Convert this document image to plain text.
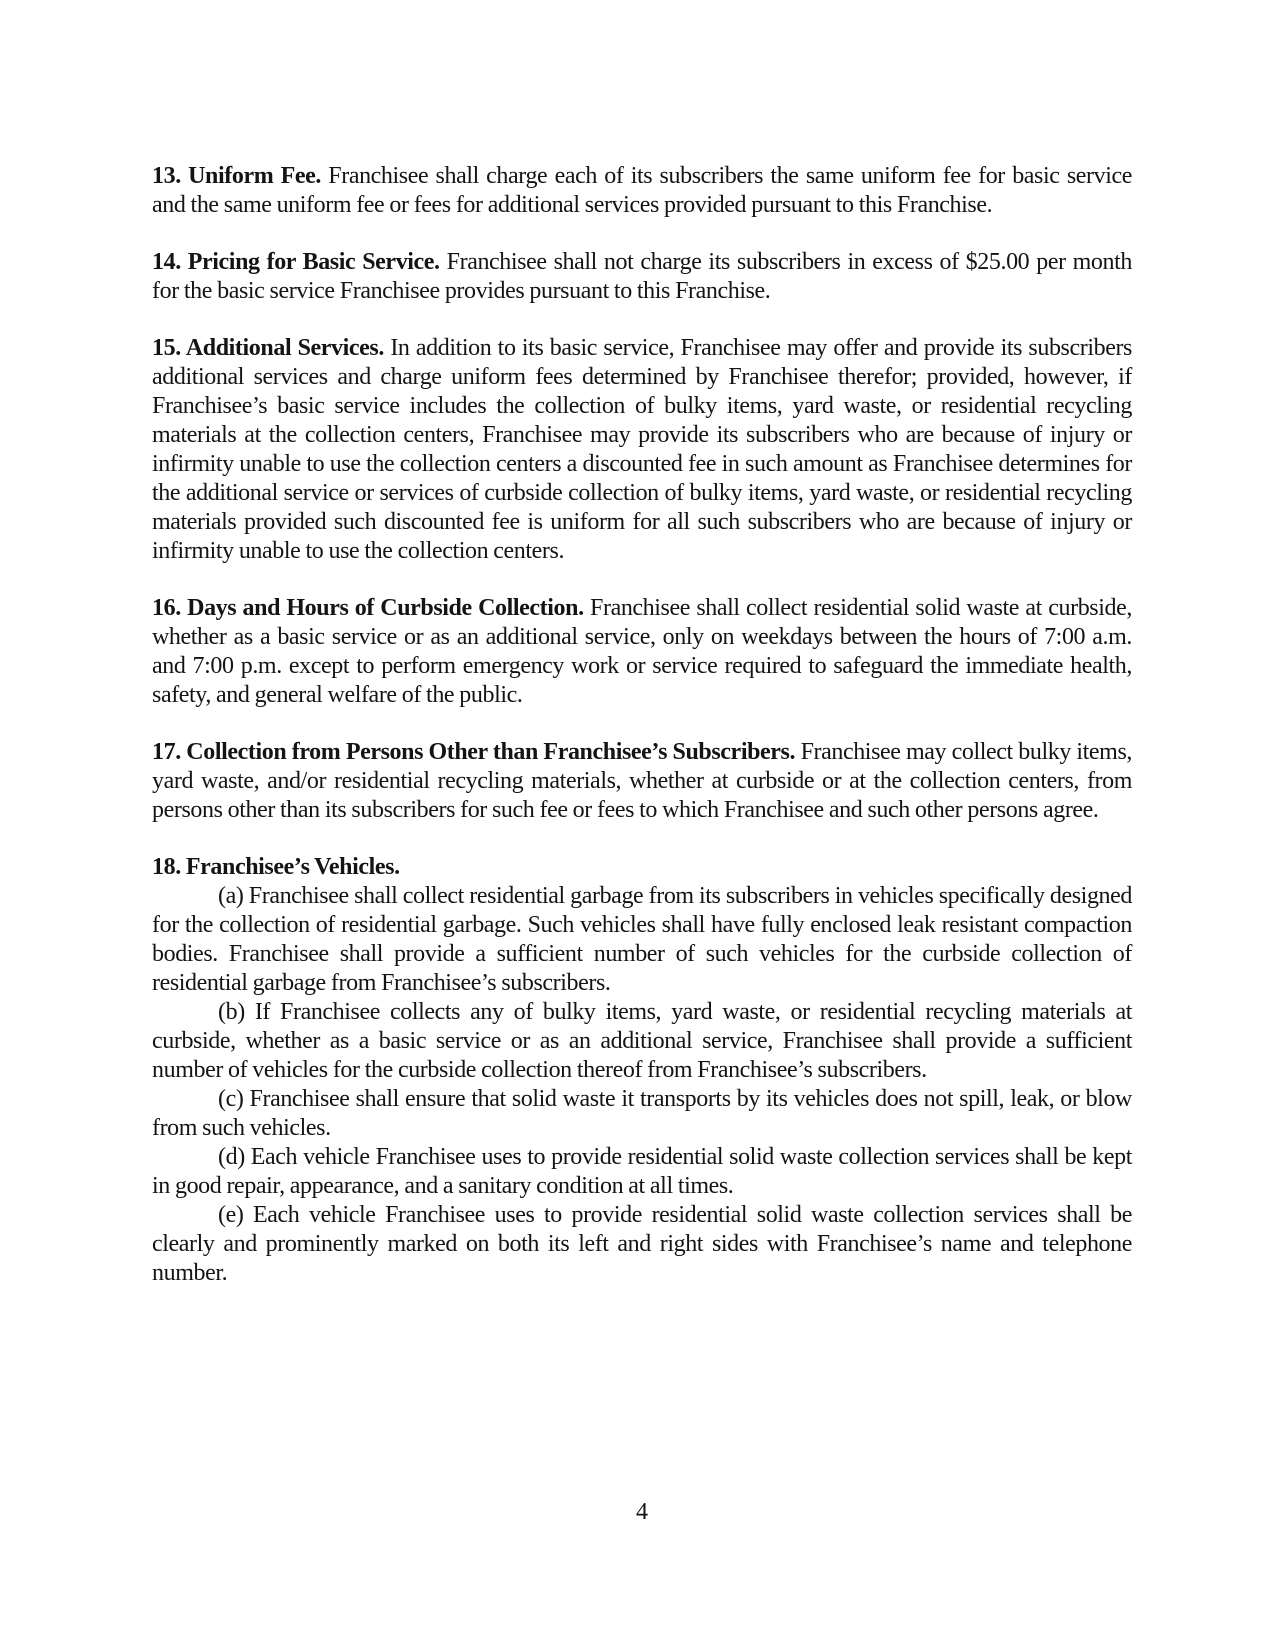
13. Uniform Fee. Franchisee shall charge each of its subscribers the same uniform fee for basic service and the same uniform fee or fees for additional services provided pursuant to this Franchise.

14. Pricing for Basic Service. Franchisee shall not charge its subscribers in excess of $25.00 per month for the basic service Franchisee provides pursuant to this Franchise.

15. Additional Services. In addition to its basic service, Franchisee may offer and provide its subscribers additional services and charge uniform fees determined by Franchisee therefor; provided, however, if Franchisee’s basic service includes the collection of bulky items, yard waste, or residential recycling materials at the collection centers, Franchisee may provide its subscribers who are because of injury or infirmity unable to use the collection centers a discounted fee in such amount as Franchisee determines for the additional service or services of curbside collection of bulky items, yard waste, or residential recycling materials provided such discounted fee is uniform for all such subscribers who are because of injury or infirmity unable to use the collection centers.

16. Days and Hours of Curbside Collection. Franchisee shall collect residential solid waste at curbside, whether as a basic service or as an additional service, only on weekdays between the hours of 7:00 a.m. and 7:00 p.m. except to perform emergency work or service required to safeguard the immediate health, safety, and general welfare of the public.

17. Collection from Persons Other than Franchisee’s Subscribers. Franchisee may collect bulky items, yard waste, and/or residential recycling materials, whether at curbside or at the collection centers, from persons other than its subscribers for such fee or fees to which Franchisee and such other persons agree.

18. Franchisee’s Vehicles.

(a) Franchisee shall collect residential garbage from its subscribers in vehicles specifically designed for the collection of residential garbage. Such vehicles shall have fully enclosed leak resistant compaction bodies. Franchisee shall provide a sufficient number of such vehicles for the curbside collection of residential garbage from Franchisee’s subscribers.

(b) If Franchisee collects any of bulky items, yard waste, or residential recycling materials at curbside, whether as a basic service or as an additional service, Franchisee shall provide a sufficient number of vehicles for the curbside collection thereof from Franchisee’s subscribers.

(c) Franchisee shall ensure that solid waste it transports by its vehicles does not spill, leak, or blow from such vehicles.

(d) Each vehicle Franchisee uses to provide residential solid waste collection services shall be kept in good repair, appearance, and a sanitary condition at all times.

(e) Each vehicle Franchisee uses to provide residential solid waste collection services shall be clearly and prominently marked on both its left and right sides with Franchisee’s name and telephone number.

4
